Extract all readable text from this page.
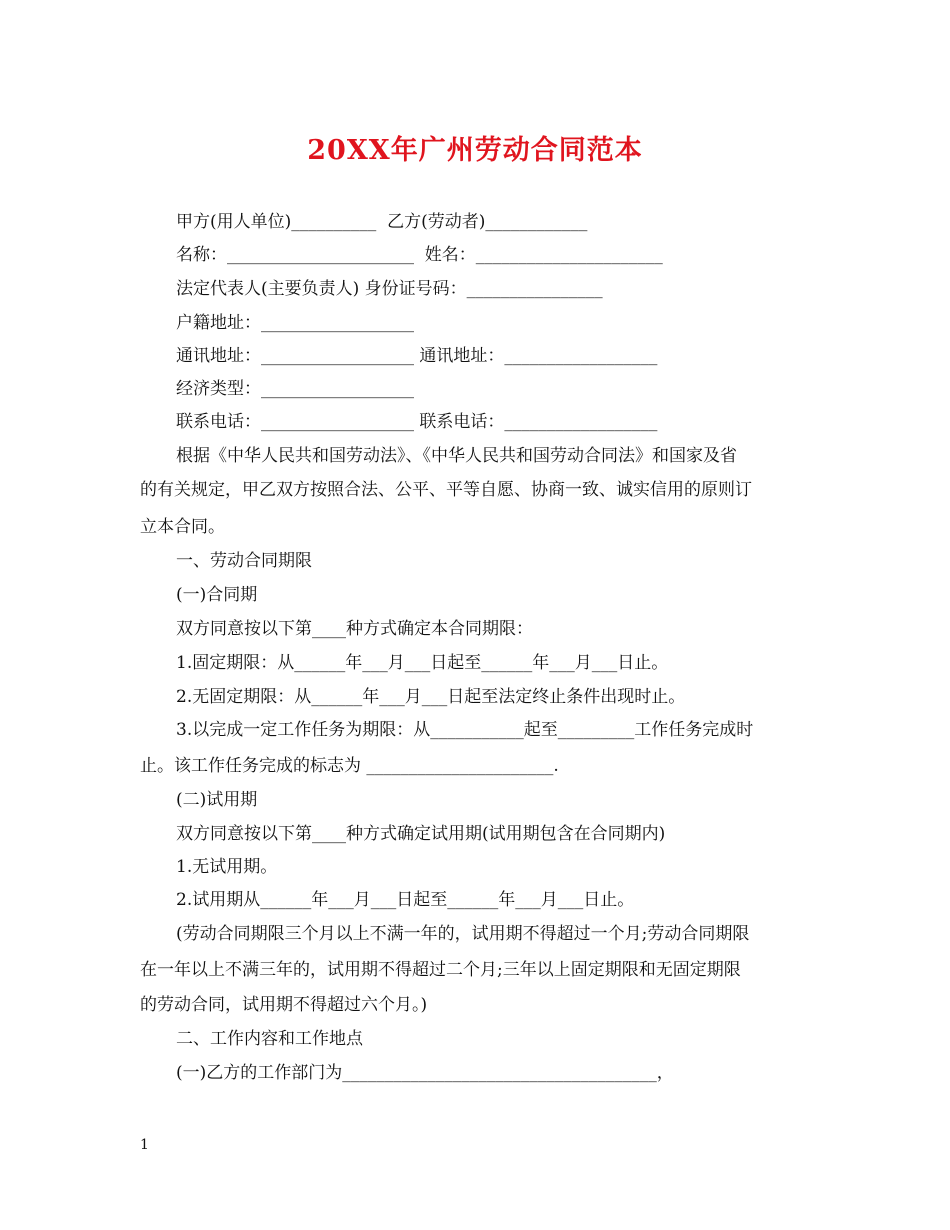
20XX年广州劳动合同范本
甲方(用人单位)__________  乙方(劳动者)____________
名称：______________________  姓名：______________________
法定代表人(主要负责人) 身份证号码：________________
户籍地址：__________________
通讯地址：__________________ 通讯地址：__________________
经济类型：__________________
联系电话：__________________ 联系电话：__________________
根据《中华人民共和国劳动法》、《中华人民共和国劳动合同法》和国家及省
的有关规定，甲乙双方按照合法、公平、平等自愿、协商一致、诚实信用的原则订
立本合同。
一、劳动合同期限
(一)合同期
双方同意按以下第____种方式确定本合同期限：
1.固定期限：从______年___月___日起至______年___月___日止。
2.无固定期限：从______年___月___日起至法定终止条件出现时止。
3.以完成一定工作任务为期限：从___________起至_________工作任务完成时
止。该工作任务完成的标志为 ______________________.
(二)试用期
双方同意按以下第____种方式确定试用期(试用期包含在合同期内)
1.无试用期。
2.试用期从______年___月___日起至______年___月___日止。
(劳动合同期限三个月以上不满一年的，试用期不得超过一个月;劳动合同期限
在一年以上不满三年的，试用期不得超过二个月;三年以上固定期限和无固定期限
的劳动合同，试用期不得超过六个月。)
二、工作内容和工作地点
(一)乙方的工作部门为_____________________________________，
1
